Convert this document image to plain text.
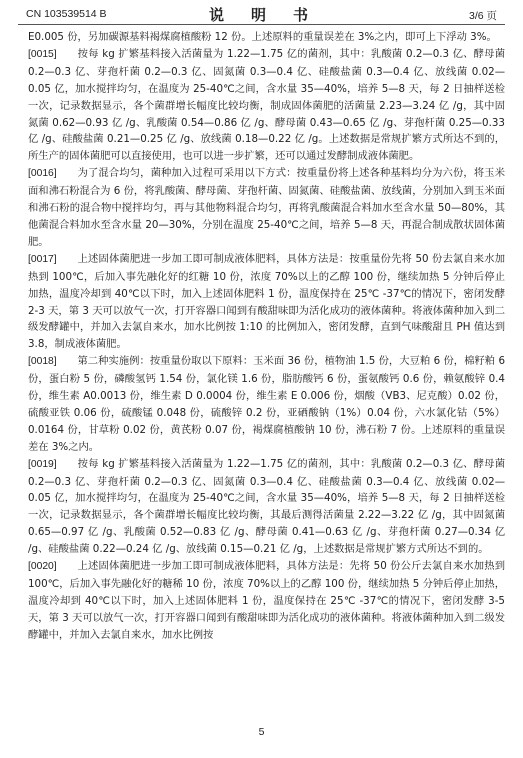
CN 103539514 B	说　明　书	3/6 页

E0.005 份，另加碳源基料褐煤腐植酸粉 12 份。上述原料的重量误差在 3%之内，即可上下浮动 3%。

[0015] 按每 kg 扩繁基料接入活菌量为 1.22—1.75 亿的菌剂，其中：乳酸菌 0.2—0.3 亿、酵母菌 0.2—0.3 亿、芽孢杆菌 0.2—0.3 亿、固氮菌 0.3—0.4 亿、硅酸盐菌 0.3—0.4 亿、放线菌 0.02—0.05 亿，加水搅拌均匀，在温度为 25-40℃之间，含水量 35—40%，培养 5—8 天，每 2 日抽样送检一次，记录数据显示，各个菌群增长幅度比较均衡，制成固体菌肥的活菌量 2.23—3.24 亿 /g，其中固氮菌 0.62—0.93 亿 /g、乳酸菌 0.54—0.86 亿 /g、酵母菌 0.43—0.65 亿 /g、芽孢杆菌 0.25—0.33 亿 /g、硅酸盐菌 0.21—0.25 亿 /g、放线菌 0.18—0.22 亿 /g。上述数据是常规扩繁方式所达不到的，所生产的固体菌肥可以直接使用，也可以进一步扩繁，还可以通过发酵制成液体菌肥。

[0016] 为了混合均匀，菌种加入过程可采用以下方式：按重量份将上述各种基料均分为六份，将玉米面和沸石粉混合为 6 份，将乳酸菌、酵母菌、芽孢杆菌、固氮菌、硅酸盐菌、放线菌，分别加入到玉米面和沸石粉的混合物中搅拌均匀，再与其他物料混合均匀，再将乳酸菌混合料加水至含水量 50—80%，其他菌混合料加水至含水量 20—30%，分别在温度 25-40℃之间，培养 5—8 天，再混合制成散状固体菌肥。

[0017] 上述固体菌肥进一步加工即可制成液体肥料，具体方法是：按重量份先将 50 份去氯自来水加热到 100℃，后加入事先融化好的红糖 10 份，浓度 70%以上的乙醇 100 份，继续加热 5 分钟后停止加热，温度冷却到 40℃以下时，加入上述固体肥料 1 份，温度保持在 25℃ -37℃的情况下，密闭发酵 2-3 天，第 3 天可以放气一次，打开容器口闻到有酸甜味即为活化成功的液体菌种。将液体菌种加入到二级发酵罐中，并加入去氯自来水，加水比例按 1:10 的比例加入，密闭发酵，直到气味酸甜且 PH 值达到 3.8，制成液体菌肥。

[0018] 第二种实施例：按重量份取以下原料：玉米面 36 份，植物油 1.5 份，大豆粕 6 份，棉籽粕 6 份，蛋白粉 5 份，磷酸氢钙 1.54 份，氯化镁 1.6 份，脂肪酸钙 6 份，蛋氨酸钙 0.6 份，赖氨酸锌 0.4 份，维生素 A0.0013 份，维生素 D 0.0004 份，维生素 E 0.006 份，烟酸（VB3、尼克酸）0.02 份，硫酸亚铁 0.06 份，硫酸锰 0.048 份，硫酸锌 0.2 份，亚硒酸钠（1%）0.04 份，六水氯化钴（5%）0.0164 份，甘草粉 0.02 份，黄芪粉 0.07 份，褐煤腐植酸钠 10 份，沸石粉 7 份。上述原料的重量误差在 3%之内。

[0019] 按每 kg 扩繁基料接入活菌量为 1.22—1.75 亿的菌剂，其中：乳酸菌 0.2—0.3 亿、酵母菌 0.2—0.3 亿、芽孢杆菌 0.2—0.3 亿、固氮菌 0.3—0.4 亿、硅酸盐菌 0.3—0.4 亿、放线菌 0.02—0.05 亿，加水搅拌均匀，在温度为 25-40℃之间，含水量 35—40%，培养 5—8 天，每 2 日抽样送检一次，记录数据显示，各个菌群增长幅度比较均衡，其最后测得活菌量 2.22—3.22 亿 /g，其中固氮菌 0.65—0.97 亿 /g、乳酸菌 0.52—0.83 亿 /g、酵母菌 0.41—0.63 亿 /g、芽孢杆菌 0.27—0.34 亿 /g、硅酸盐菌 0.22—0.24 亿 /g、放线菌 0.15—0.21 亿 /g，上述数据是常规扩繁方式所达不到的。

[0020] 上述固体菌肥进一步加工即可制成液体肥料，具体方法是：先将 50 份公斤去氯自来水加热到 100℃，后加入事先融化好的糖稀 10 份，浓度 70%以上的乙醇 100 份，继续加热 5 分钟后停止加热，温度冷却到 40℃以下时，加入上述固体肥料 1 份，温度保持在 25℃ -37℃的情况下，密闭发酵 3-5 天，第 3 天可以放气一次，打开容器口闻到有酸甜味即为活化成功的液体菌种。将液体菌种加入到二级发酵罐中，并加入去氯自来水，加水比例按

5
